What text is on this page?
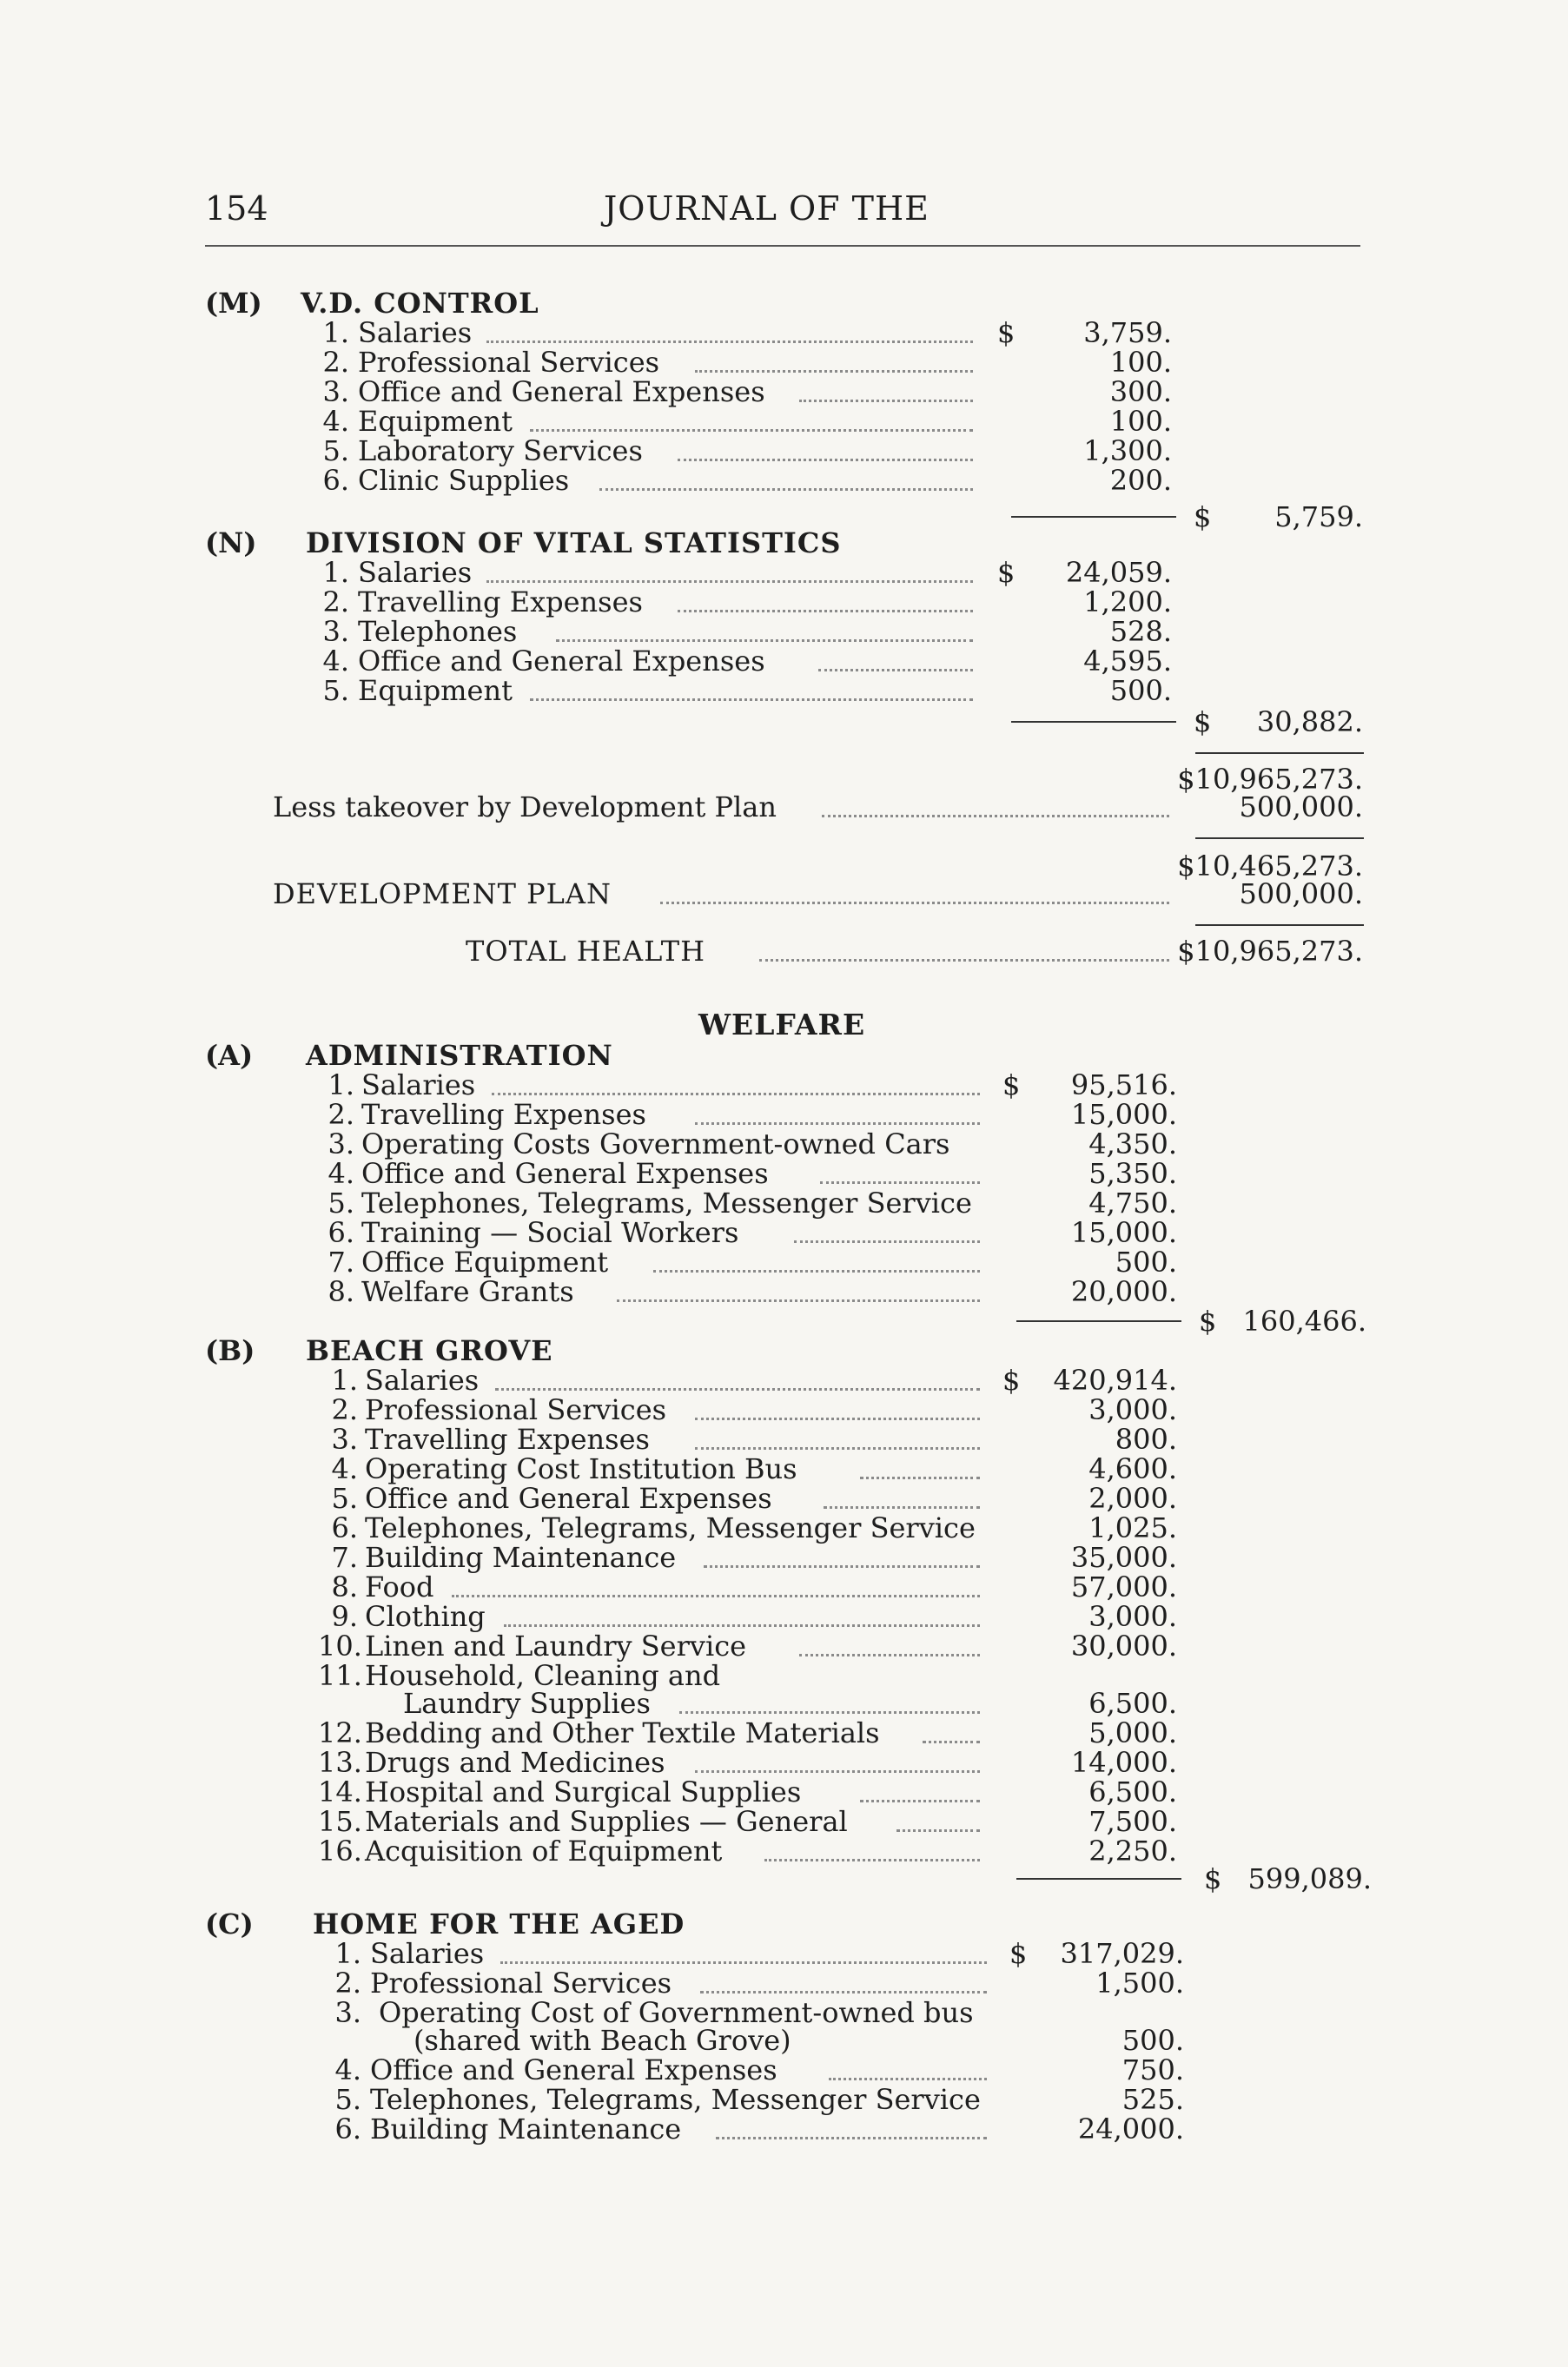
154	JOURNAL OF THE
(M) V.D. CONTROL
1. Salaries	$ 3,759.
2. Professional Services	100.
3. Office and General Expenses	300.
4. Equipment	100.
5. Laboratory Services	1,300.
6. Clinic Supplies	200.
$ 5,759.
(N) DIVISION OF VITAL STATISTICS
1. Salaries	$ 24,059.
2. Travelling Expenses	1,200.
3. Telephones	528.
4. Office and General Expenses	4,595.
5. Equipment	500.
$ 30,882.
$10,965,273.
Less takeover by Development Plan	500,000.
$10,465,273.
DEVELOPMENT PLAN	500,000.
TOTAL HEALTH	$10,965,273.
WELFARE
(A) ADMINISTRATION
1. Salaries	$ 95,516.
2. Travelling Expenses	15,000.
3. Operating Costs Government-owned Cars	4,350.
4. Office and General Expenses	5,350.
5. Telephones, Telegrams, Messenger Service	4,750.
6. Training — Social Workers	15,000.
7. Office Equipment	500.
8. Welfare Grants	20,000.
$ 160,466.
(B) BEACH GROVE
1. Salaries	$ 420,914.
2. Professional Services	3,000.
3. Travelling Expenses	800.
4. Operating Cost Institution Bus	4,600.
5. Office and General Expenses	2,000.
6. Telephones, Telegrams, Messenger Service	1,025.
7. Building Maintenance	35,000.
8. Food	57,000.
9. Clothing	3,000.
10. Linen and Laundry Service	30,000.
11. Household, Cleaning and
Laundry Supplies	6,500.
12. Bedding and Other Textile Materials	5,000.
13. Drugs and Medicines	14,000.
14. Hospital and Surgical Supplies	6,500.
15. Materials and Supplies — General	7,500.
16. Acquisition of Equipment	2,250.
$ 599,089.
(C) HOME FOR THE AGED
1. Salaries	$ 317,029.
2. Professional Services	1,500.
3. Operating Cost of Government-owned bus
(shared with Beach Grove)	500.
4. Office and General Expenses	750.
5. Telephones, Telegrams, Messenger Service	525.
6. Building Maintenance	24,000.
